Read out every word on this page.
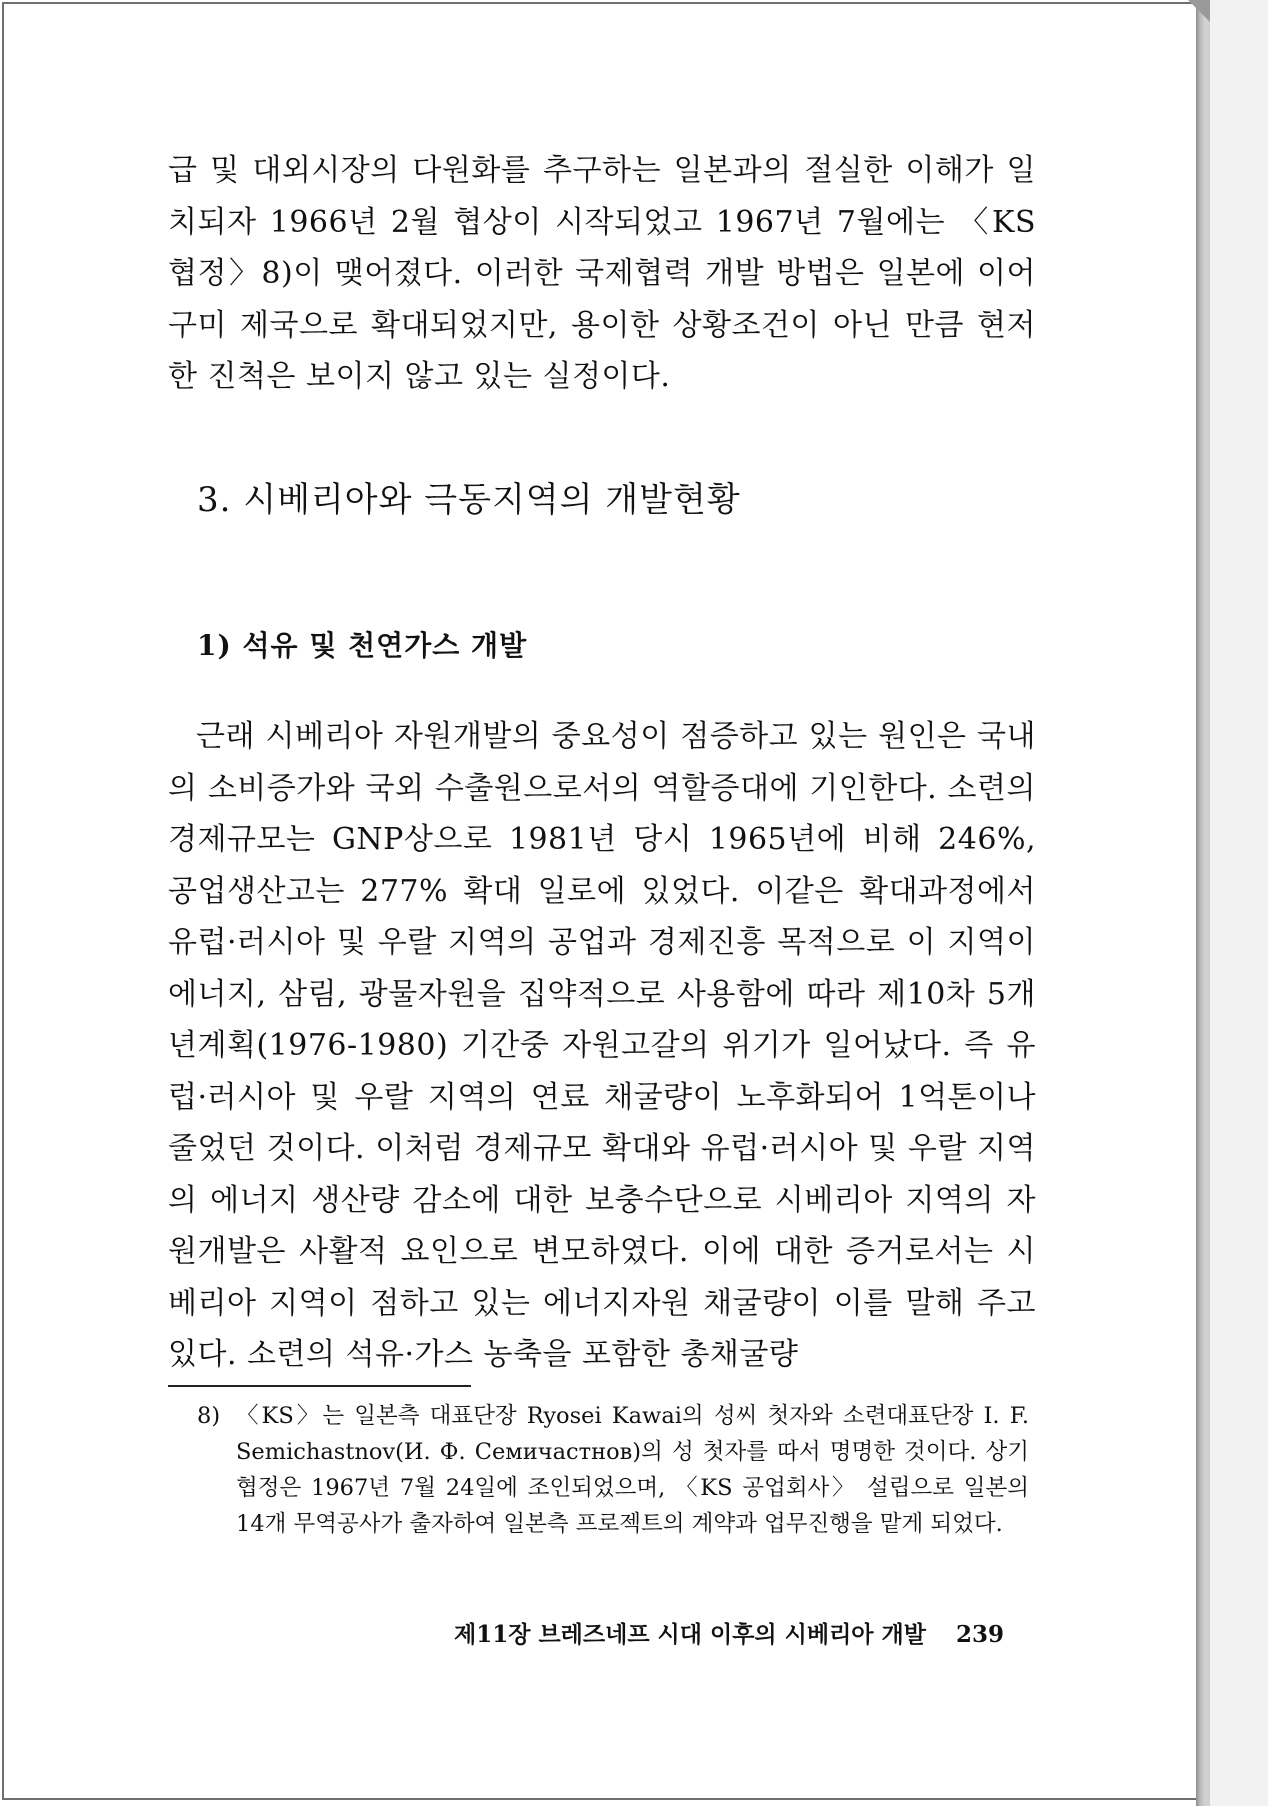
급 및 대외시장의 다원화를 추구하는 일본과의 절실한 이해가 일치되자 1966년 2월 협상이 시작되었고 1967년 7월에는 〈KS 협정〉8)이 맺어졌다. 이러한 국제협력 개발 방법은 일본에 이어 구미 제국으로 확대되었지만, 용이한 상황조건이 아닌 만큼 현저한 진척은 보이지 않고 있는 실정이다.

3. 시베리아와 극동지역의 개발현황
1) 석유 및 천연가스 개발

근래 시베리아 자원개발의 중요성이 점증하고 있는 원인은 국내의 소비증가와 국외 수출원으로서의 역할증대에 기인한다. 소련의 경제규모는 GNP상으로 1981년 당시 1965년에 비해 246%, 공업생산고는 277% 확대 일로에 있었다. 이같은 확대과정에서 유럽·러시아 및 우랄 지역의 공업과 경제진흥 목적으로 이 지역이 에너지, 삼림, 광물자원을 집약적으로 사용함에 따라 제10차 5개년계획(1976-1980) 기간중 자원고갈의 위기가 일어났다. 즉 유럽·러시아 및 우랄 지역의 연료 채굴량이 노후화되어 1억톤이나 줄었던 것이다. 이처럼 경제규모 확대와 유럽·러시아 및 우랄 지역의 에너지 생산량 감소에 대한 보충수단으로 시베리아 지역의 자원개발은 사활적 요인으로 변모하였다. 이에 대한 증거로서는 시베리아 지역이 점하고 있는 에너지자원 채굴량이 이를 말해 주고 있다. 소련의 석유·가스 농축을 포함한 총채굴량

8) 〈KS〉는 일본측 대표단장 Ryosei Kawai의 성씨 첫자와 소련대표단장 I. F. Semichastnov(И. Ф. Семичастнов)의 성 첫자를 따서 명명한 것이다. 상기협정은 1967년 7월 24일에 조인되었으며, 〈KS 공업회사〉 설립으로 일본의 14개 무역공사가 출자하여 일본측 프로젝트의 계약과 업무진행을 맡게 되었다.
제11장 브레즈네프 시대 이후의 시베리아 개발 239
